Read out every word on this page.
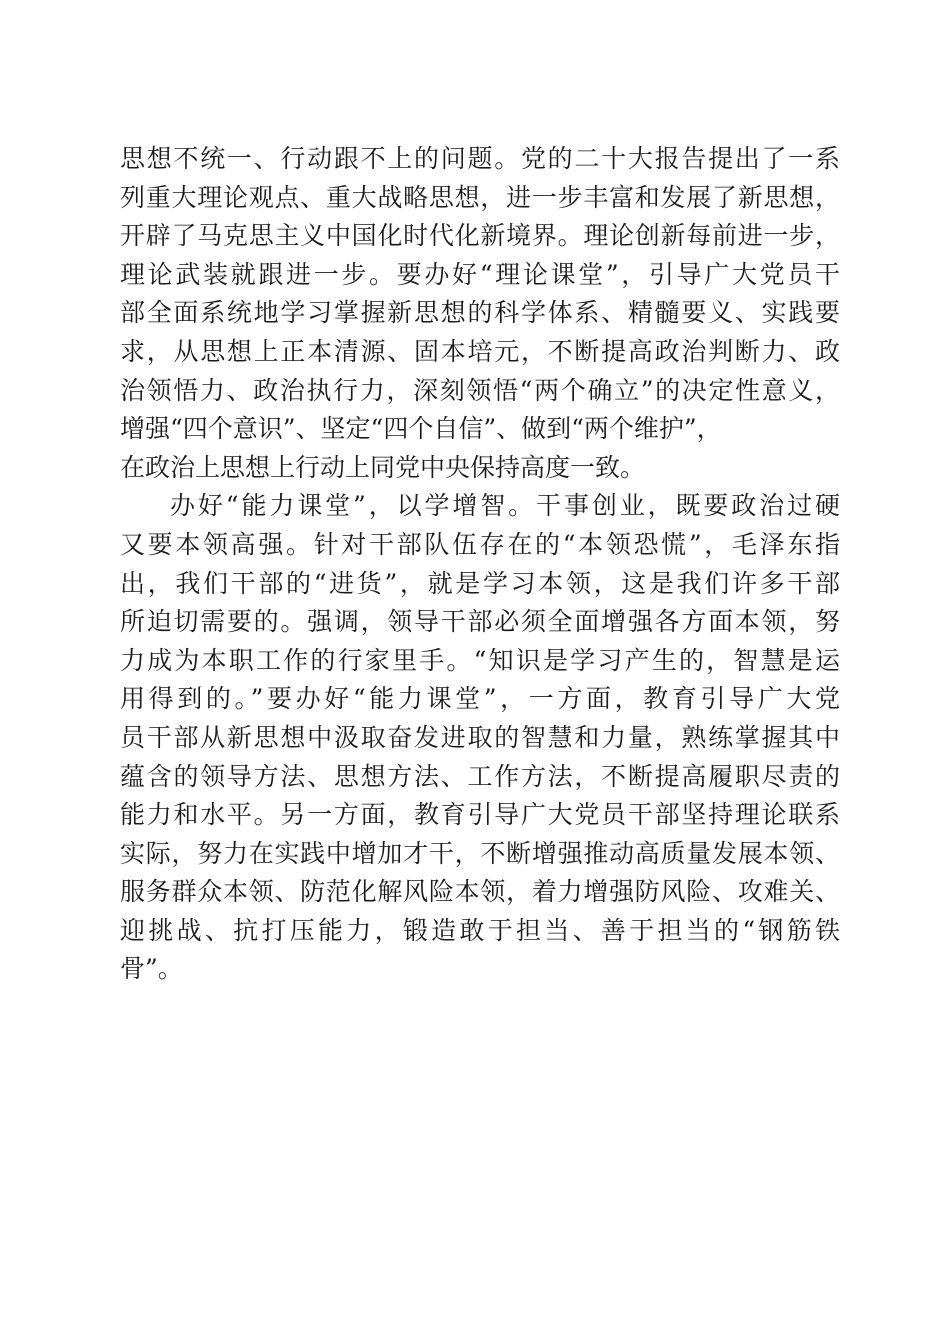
思想不统一、行动跟不上的问题。党的二十大报告提出了一系
列重大理论观点、重大战略思想，进一步丰富和发展了新思想，
开辟了马克思主义中国化时代化新境界。理论创新每前进一步，
理论武装就跟进一步。要办好“理论课堂”，引导广大党员干
部全面系统地学习掌握新思想的科学体系、精髓要义、实践要
求，从思想上正本清源、固本培元，不断提高政治判断力、政
治领悟力、政治执行力，深刻领悟“两个确立”的决定性意义，
增强“四个意识”、坚定“四个自信”、做到“两个维护”，
在政治上思想上行动上同党中央保持高度一致。
办好“能力课堂”，以学增智。干事创业，既要政治过硬
又要本领高强。针对干部队伍存在的“本领恐慌”，毛泽东指
出，我们干部的“进货”，就是学习本领，这是我们许多干部
所迫切需要的。强调，领导干部必须全面增强各方面本领，努
力成为本职工作的行家里手。“知识是学习产生的，智慧是运
用得到的。”要办好“能力课堂”，一方面，教育引导广大党
员干部从新思想中汲取奋发进取的智慧和力量，熟练掌握其中
蕴含的领导方法、思想方法、工作方法，不断提高履职尽责的
能力和水平。另一方面，教育引导广大党员干部坚持理论联系
实际，努力在实践中增加才干，不断增强推动高质量发展本领、
服务群众本领、防范化解风险本领，着力增强防风险、攻难关、
迎挑战、抗打压能力，锻造敢于担当、善于担当的“钢筋铁
骨”。
